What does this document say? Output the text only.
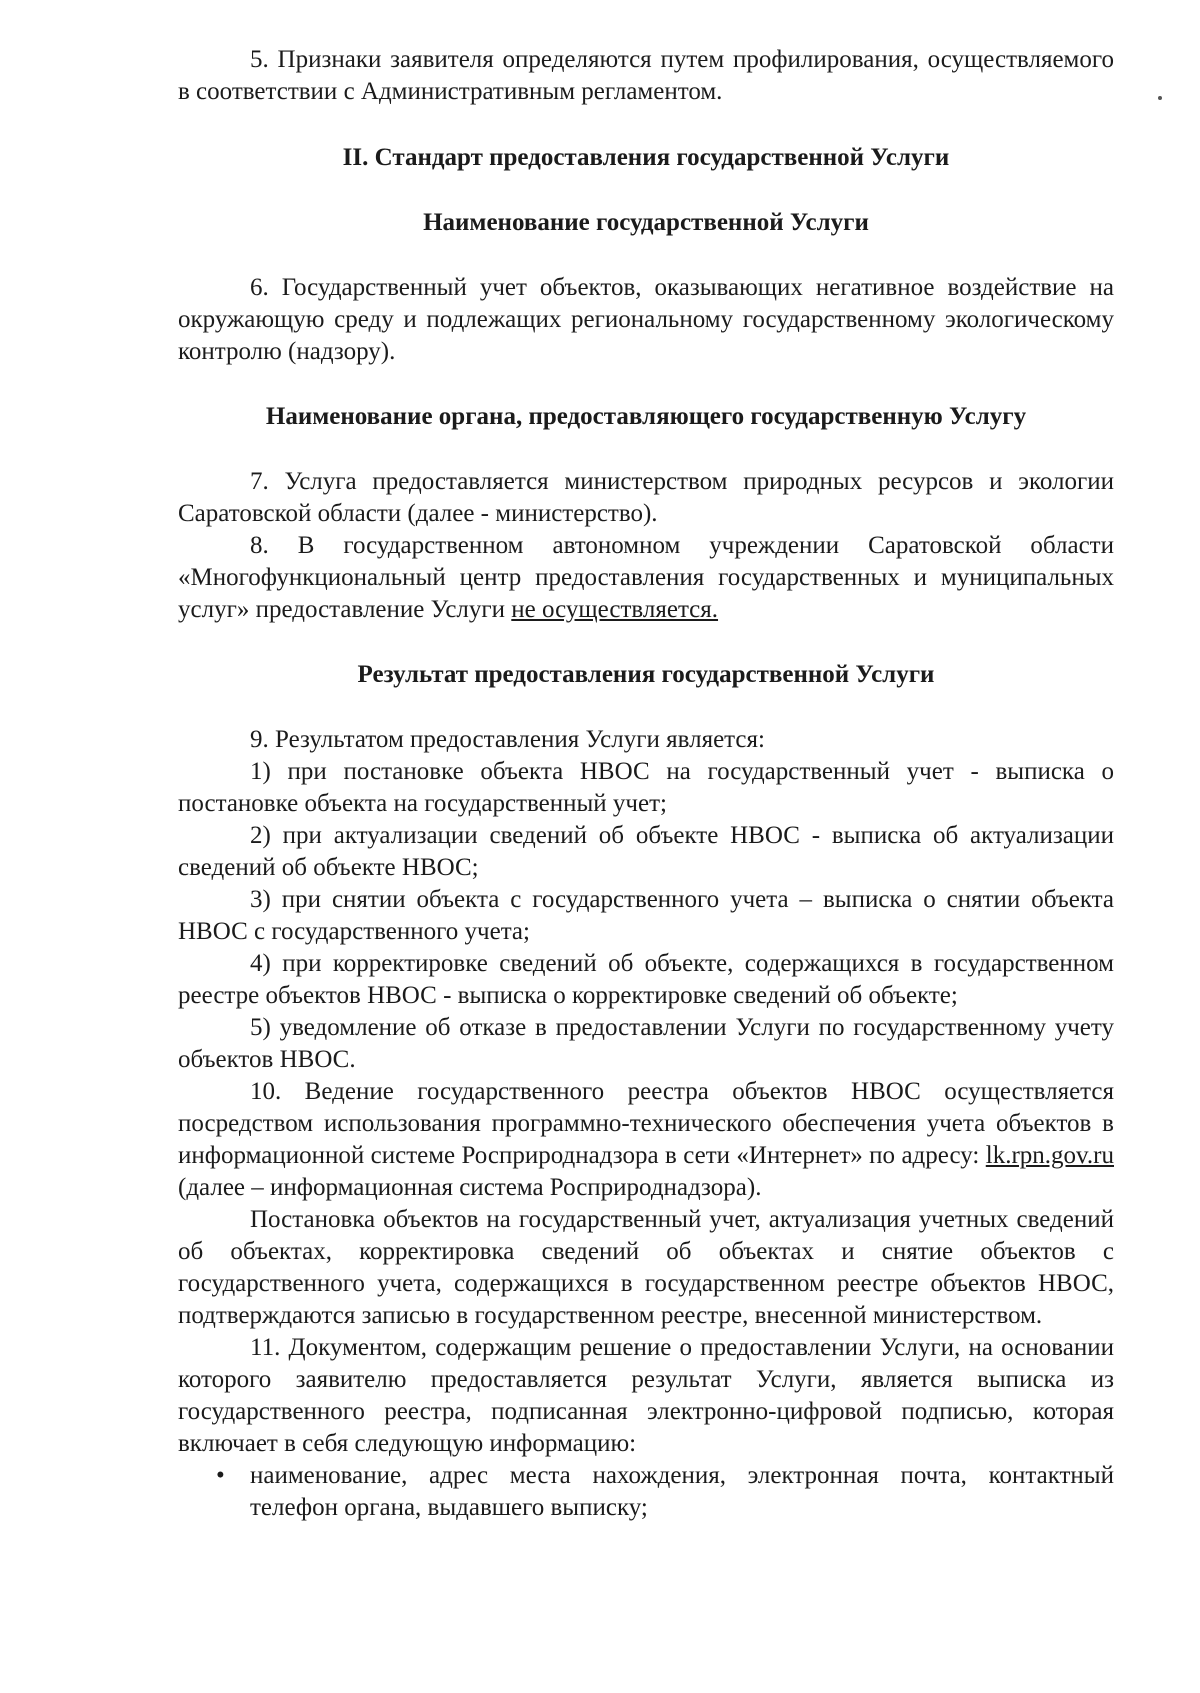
5. Признаки заявителя определяются путем профилирования, осуществляемого в соответствии с Административным регламентом.

II. Стандарт предоставления государственной Услуги

Наименование государственной Услуги

6. Государственный учет объектов, оказывающих негативное воздействие на окружающую среду и подлежащих региональному государственному экологическому контролю (надзору).

Наименование органа, предоставляющего государственную Услугу

7. Услуга предоставляется министерством природных ресурсов и экологии Саратовской области (далее - министерство).

8. В государственном автономном учреждении Саратовской области «Многофункциональный центр предоставления государственных и муниципальных услуг» предоставление Услуги не осуществляется.

Результат предоставления государственной Услуги

9. Результатом предоставления Услуги является:

1) при постановке объекта НВОС на государственный учет - выписка о постановке объекта на государственный учет;

2) при актуализации сведений об объекте НВОС - выписка об актуализации сведений об объекте НВОС;

3) при снятии объекта с государственного учета – выписка о снятии объекта НВОС с государственного учета;

4) при корректировке сведений об объекте, содержащихся в государственном реестре объектов НВОС - выписка о корректировке сведений об объекте;

5) уведомление об отказе в предоставлении Услуги по государственному учету объектов НВОС.

10. Ведение государственного реестра объектов НВОС осуществляется посредством использования программно-технического обеспечения учета объектов в информационной системе Росприроднадзора в сети «Интернет» по адресу: lk.rpn.gov.ru (далее – информационная система Росприроднадзора).

Постановка объектов на государственный учет, актуализация учетных сведений об объектах, корректировка сведений об объектах и снятие объектов с государственного учета, содержащихся в государственном реестре объектов НВОС, подтверждаются записью в государственном реестре, внесенной министерством.

11. Документом, содержащим решение о предоставлении Услуги, на основании которого заявителю предоставляется результат Услуги, является выписка из государственного реестра, подписанная электронно-цифровой подписью, которая включает в себя следующую информацию:

• наименование, адрес места нахождения, электронная почта, контактный телефон органа, выдавшего выписку;
